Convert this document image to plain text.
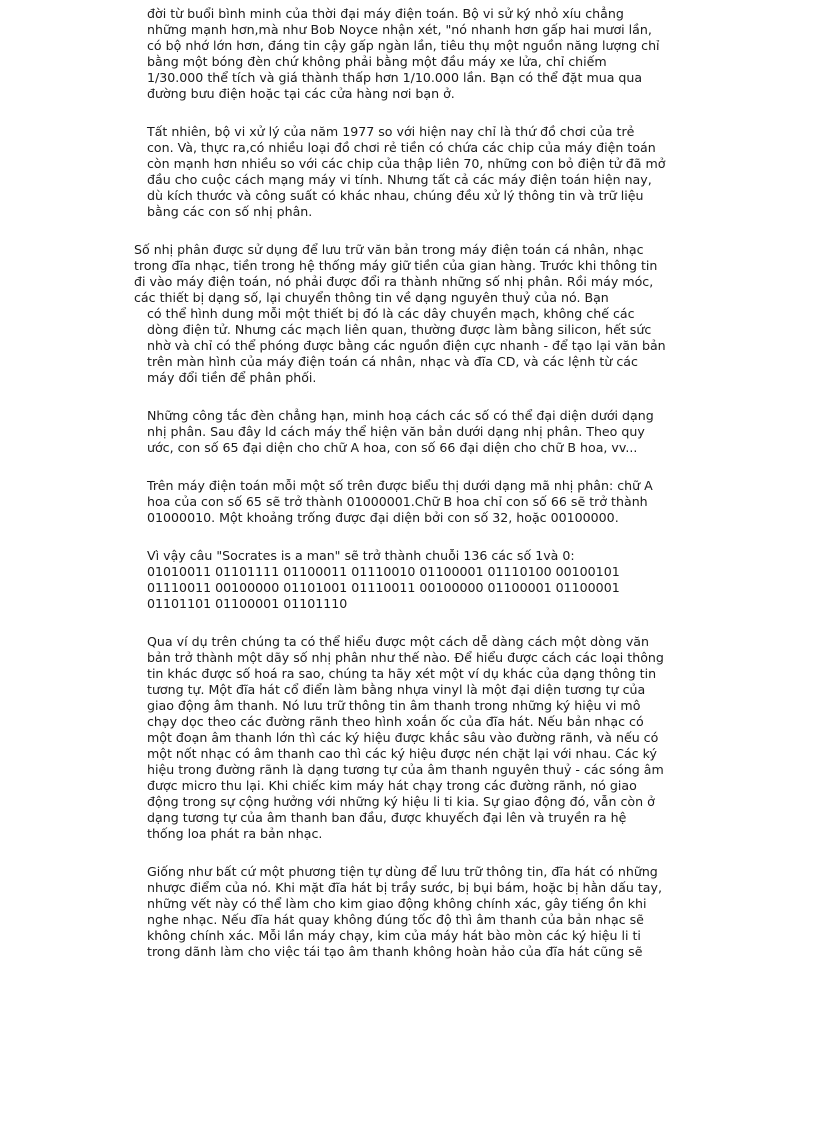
đời từ buổi bình minh của thời đại máy điện toán. Bộ vi sử ký nhỏ xíu chẳng
những mạnh hơn,mà như Bob Noyce nhận xét, "nó nhanh hơn gấp hai mươi lần,
có bộ nhớ lớn hơn, đáng tin cậy gấp ngàn lần, tiêu thụ một nguồn năng lượng chỉ
bằng một bóng đèn chứ không phải bằng một đầu máy xe lửa, chỉ chiếm
1/30.000 thể tích và giá thành thấp hơn 1/10.000 lần. Bạn có thể đặt mua qua
đường bưu điện hoặc tại các cửa hàng nơi bạn ở.
Tất nhiên, bộ vi xử lý của năm 1977 so với hiện nay chỉ là thứ đồ chơi của trẻ
con. Và, thực ra,có nhiều loại đồ chơi rẻ tiền có chứa các chip của máy điện toán
còn mạnh hơn nhiều so với các chip của thập liên 70, những con bỏ điện tử đã mở
đầu cho cuộc cách mạng máy vi tính. Nhưng tất cả các máy điện toán hiện nay,
dù kích thước và công suất có khác nhau, chúng đều xử lý thông tin và trữ liệu
bằng các con số nhị phân.
Số nhị phân được sử dụng để lưu trữ văn bản trong máy điện toán cá nhân, nhạc
trong đĩa nhạc, tiền trong hệ thống máy giữ tiền của gian hàng. Trước khi thông tin
đi vào máy điện toán, nó phải được đổi ra thành những số nhị phân. Rồi máy móc,
các thiết bị dạng số, lại chuyển thông tin về dạng nguyên thuỷ của nó. Bạn
có thể hình dung mỗi một thiết bị đó là các dây chuyền mạch, không chế các
dòng điện tử. Nhưng các mạch liên quan, thường được làm bằng silicon, hết sức
nhờ và chỉ có thể phóng được bằng các nguồn điện cực nhanh - để tạo lại văn bản
trên màn hình của máy điện toán cá nhân, nhạc và đĩa CD, và các lệnh từ các
máy đổi tiền để phân phối.
Những công tắc đèn chẳng hạn, minh hoạ cách các số có thể đại diện dưới dạng
nhị phân. Sau đây ld cách máy thể hiện văn bản dưới dạng nhị phân. Theo quy
ước, con số 65 đại diện cho chữ A hoa, con số 66 đại diện cho chữ B hoa, vv...
Trên máy điện toán mỗi một số trên được biểu thị dưới dạng mã nhị phân: chữ A
hoa của con số 65 sẽ trở thành 01000001.Chữ B hoa chỉ con số 66 sẽ trở thành
01000010. Một khoảng trống được đại diện bởi con số 32, hoặc 00100000.
Vì vậy câu "Socrates is a man" sẽ trở thành chuỗi 136 các số 1và 0:
01010011 01101111 01100011 01110010 01100001 01110100 00100101
01110011 00100000 01101001 01110011 00100000 01100001 01100001
01101101 01100001 01101110
Qua ví dụ trên chúng ta có thể hiểu được một cách dễ dàng cách một dòng văn
bản trở thành một dãy số nhị phân như thế nào. Để hiểu được cách các loại thông
tin khác được số hoá ra sao, chúng ta hãy xét một ví dụ khác của dạng thông tin
tương tự. Một đĩa hát cổ điển làm bằng nhựa vinyl là một đại diện tương tự của
giao động âm thanh. Nó lưu trữ thông tin âm thanh trong những ký hiệu vi mô
chạy dọc theo các đường rãnh theo hình xoắn ốc của đĩa hát. Nếu bản nhạc có
một đoạn âm thanh lớn thì các ký hiệu được khắc sâu vào đường rãnh, và nếu có
một nốt nhạc có âm thanh cao thì các ký hiệu được nén chặt lại với nhau. Các ký
hiệu trong đường rãnh là dạng tương tự của âm thanh nguyên thuỷ - các sóng âm
được micro thu lại. Khi chiếc kim máy hát chạy trong các đường rãnh, nó giao
động trong sự cộng hưởng với những ký hiệu li ti kia. Sự giao động đó, vẫn còn ở
dạng tương tự của âm thanh ban đầu, được khuyếch đại lên và truyền ra hệ
thống loa phát ra bản nhạc.
Giống như bất cứ một phương tiện tự dùng để lưu trữ thông tin, đĩa hát có những
nhược điểm của nó. Khi mặt đĩa hát bị trầy sước, bị bụi bám, hoặc bị hằn dấu tay,
những vết này có thể làm cho kim giao động không chính xác, gây tiếng ồn khi
nghe nhạc. Nếu đĩa hát quay không đúng tốc độ thì âm thanh của bản nhạc sẽ
không chính xác. Mỗi lần máy chạy, kim của máy hát bào mòn các ký hiệu li ti
trong dãnh làm cho việc tái tạo âm thanh không hoàn hảo của đĩa hát cũng sẽ
